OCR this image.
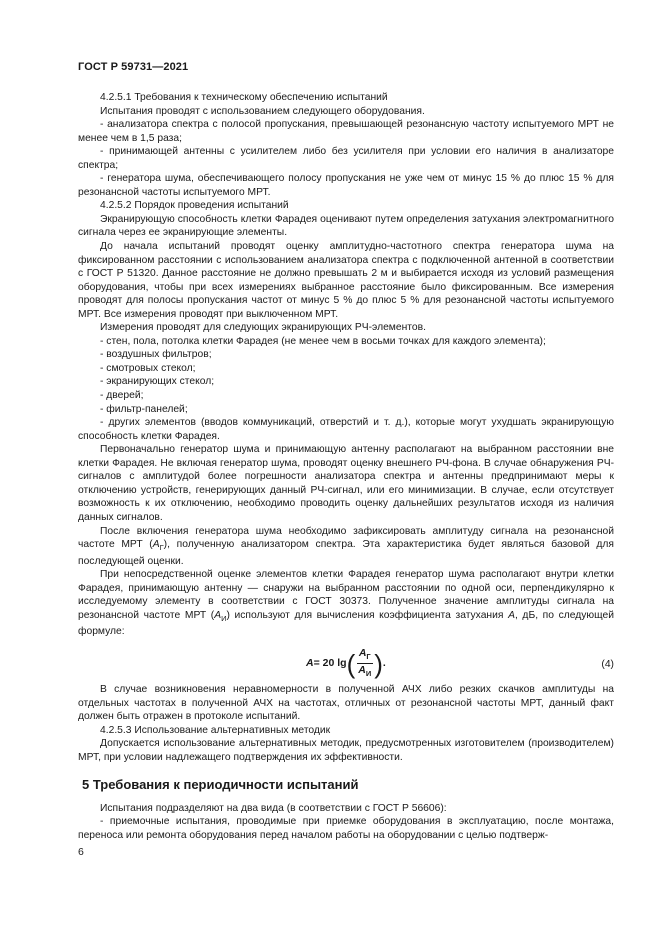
ГОСТ Р 59731—2021

4.2.5.1 Требования к техническому обеспечению испытаний

Испытания проводят с использованием следующего оборудования.

- анализатора спектра с полосой пропускания, превышающей резонансную частоту испытуемого МРТ не менее чем в 1,5 раза;

- принимающей антенны с усилителем либо без усилителя при условии его наличия в анализаторе спектра;

- генератора шума, обеспечивающего полосу пропускания не уже чем от минус 15 % до плюс 15 % для резонансной частоты испытуемого МРТ.

4.2.5.2 Порядок проведения испытаний

Экранирующую способность клетки Фарадея оценивают путем определения затухания электромагнитного сигнала через ее экранирующие элементы.

До начала испытаний проводят оценку амплитудно-частотного спектра генератора шума на фиксированном расстоянии с использованием анализатора спектра с подключенной антенной в соответствии с ГОСТ Р 51320. Данное расстояние не должно превышать 2 м и выбирается исходя из условий размещения оборудования, чтобы при всех измерениях выбранное расстояние было фиксированным. Все измерения проводят для полосы пропускания частот от минус 5 % до плюс 5 % для резонансной частоты испытуемого МРТ. Все измерения проводят при выключенном МРТ.

Измерения проводят для следующих экранирующих РЧ-элементов.

- стен, пола, потолка клетки Фарадея (не менее чем в восьми точках для каждого элемента);

- воздушных фильтров;

- смотровых стекол;

- экранирующих стекол;

- дверей;

- фильтр-панелей;

- других элементов (вводов коммуникаций, отверстий и т. д.), которые могут ухудшать экранирующую способность клетки Фарадея.

Первоначально генератор шума и принимающую антенну располагают на выбранном расстоянии вне клетки Фарадея. Не включая генератор шума, проводят оценку внешнего РЧ-фона. В случае обнаружения РЧ-сигналов с амплитудой более погрешности анализатора спектра и антенны предпринимают меры к отключению устройств, генерирующих данный РЧ-сигнал, или его минимизации. В случае, если отсутствует возможность к их отключению, необходимо проводить оценку дальнейших результатов исходя из наличия данных сигналов.

После включения генератора шума необходимо зафиксировать амплитуду сигнала на резонансной частоте МРТ $(A_Г)$, полученную анализатором спектра. Эта характеристика будет являться базовой для последующей оценки.

При непосредственной оценке элементов клетки Фарадея генератор шума располагают внутри клетки Фарадея, принимающую антенну — снаружи на выбранном расстоянии по одной оси, перпендикулярно к исследуемому элементу в соответствии с ГОСТ 30373. Полученное значение амплитуды сигнала на резонансной частоте МРТ $(A_И)$ используют для вычисления коэффициента затухания A, дБ, по следующей формуле:

A = 20 lg ( $\frac{A_Г}{A_И}$ ) .	(4)

В случае возникновения неравномерности в полученной АЧХ либо резких скачков амплитуды на отдельных частотах в полученной АЧХ на частотах, отличных от резонансной частоты МРТ, данный факт должен быть отражен в протоколе испытаний.

4.2.5.3 Использование альтернативных методик

Допускается использование альтернативных методик, предусмотренных изготовителем (производителем) МРТ, при условии надлежащего подтверждения их эффективности.

5 Требования к периодичности испытаний

Испытания подразделяют на два вида (в соответствии с ГОСТ Р 56606):

- приемочные испытания, проводимые при приемке оборудования в эксплуатацию, после монтажа, переноса или ремонта оборудования перед началом работы на оборудовании с целью подтверж-

6
